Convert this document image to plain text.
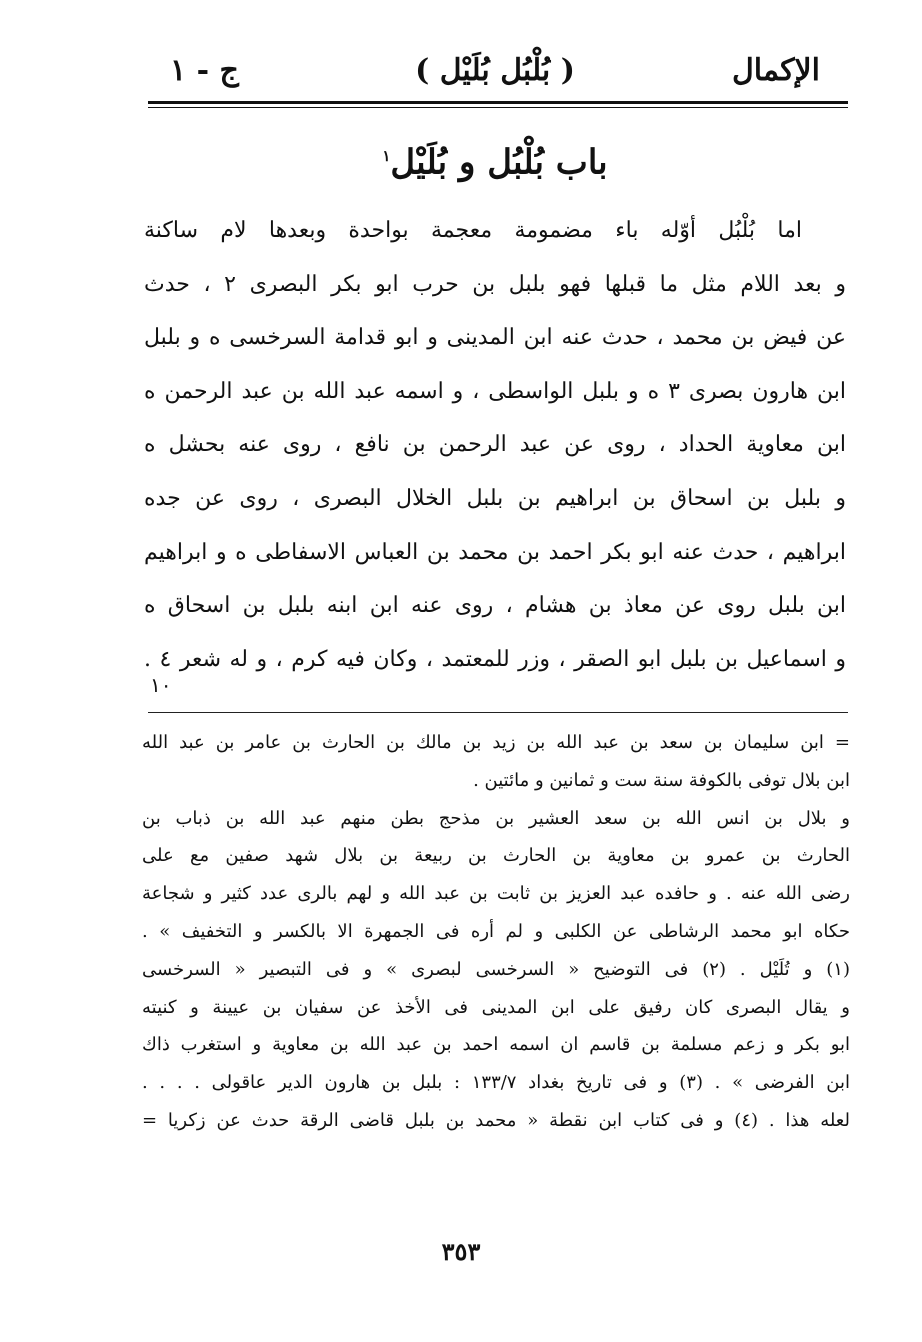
الإكمال
( بُلْبُل بُلَيْل )
ج - ١
باب بُلْبُل و بُلَيْل$^١$
اما بُلْبُل أوّله باء مضمومة معجمة بواحدة وبعدها لام ساكنة
و بعد اللام مثل ما قبلها فهو بلبل بن حرب ابو بكر البصرى ٢ ، حدث
عن فيض بن محمد ، حدث عنه ابن المدينى و ابو قدامة السرخسى ه و بلبل
ابن هارون بصرى ٣ ه و بلبل الواسطى ، و اسمه عبد الله بن عبد الرحمن ه
ابن معاوية الحداد ، روى عن عبد الرحمن بن نافع ، روى عنه بحشل ه
و بلبل بن اسحاق بن ابراهيم بن بلبل الخلال البصرى ، روى عن جده
ابراهيم ، حدث عنه ابو بكر احمد بن محمد بن العباس الاسفاطى ه و ابراهيم
ابن بلبل روى عن معاذ بن هشام ، روى عنه ابن ابنه بلبل بن اسحاق ه
و اسماعيل بن بلبل ابو الصقر ، وزر للمعتمد ، وكان فيه كرم ، و له شعر ٤ .
١٠
= ابن سليمان بن سعد بن عبد الله بن زيد بن مالك بن الحارث بن عامر بن عبد الله
ابن بلال توفى بالكوفة سنة ست و ثمانين و مائتين .
و بلال بن انس الله بن سعد العشير بن مذحج بطن منهم عبد الله بن ذباب بن
الحارث بن عمرو بن معاوية بن الحارث بن ربيعة بن بلال شهد صفين مع على
رضى الله عنه . و حافده عبد العزيز بن ثابت بن عبد الله و لهم بالرى عدد كثير و شجاعة
حكاه ابو محمد الرشاطى عن الكلبى و لم أره فى الجمهرة الا بالكسر و التخفيف » .
(١) و تُلَيْل . (٢) فى التوضيح « السرخسى لبصرى » و فى التبصير « السرخسى
و يقال البصرى كان رفيق على ابن المدينى فى الأخذ عن سفيان بن عيينة و كنيته
ابو بكر و زعم مسلمة بن قاسم ان اسمه احمد بن عبد الله بن معاوية و استغرب ذاك
ابن الفرضى » . (٣) و فى تاريخ بغداد ١٣٣/٧ : بلبل بن هارون الدير عاقولى . . . .
لعله هذا . (٤) و فى كتاب ابن نقطة « محمد بن بلبل قاضى الرقة حدث عن زكريا =
٣٥٣
